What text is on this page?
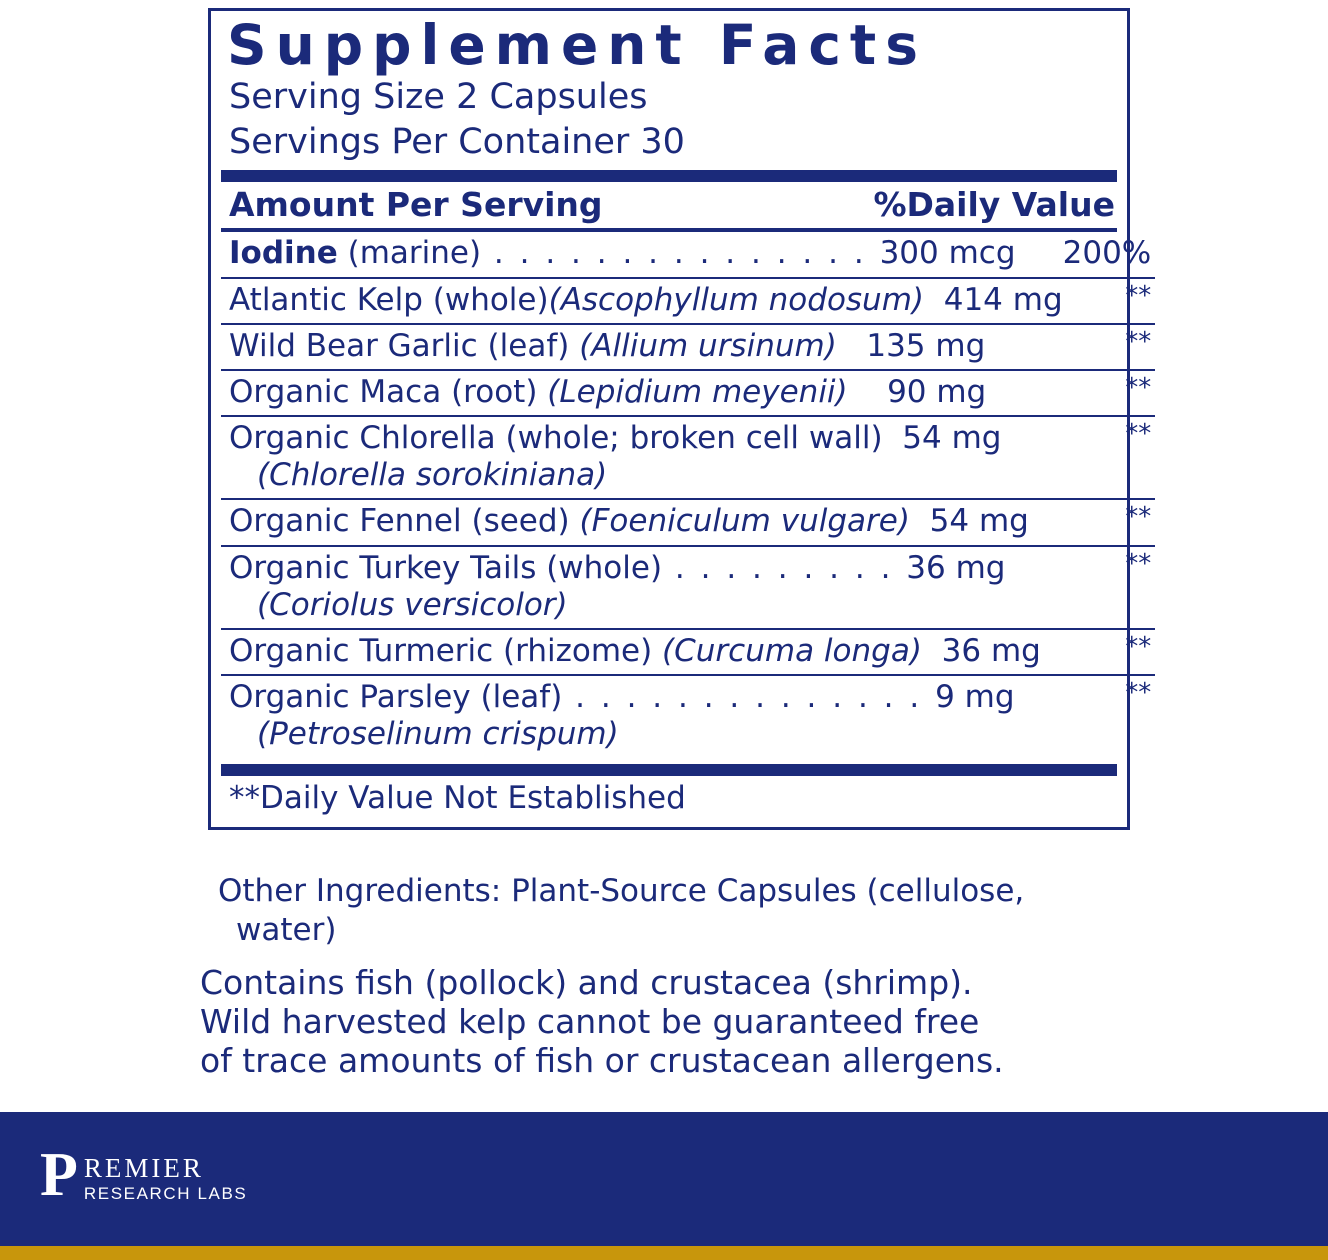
Supplement Facts
Serving Size 2 Capsules
Servings Per Container 30
Amount Per Serving	%Daily Value
Iodine (marine) . . . . . . . . . . . . . . . 300 mcg	200%
Atlantic Kelp (whole)(Ascophyllum nodosum) 414 mg	**
Wild Bear Garlic (leaf) (Allium ursinum) 135 mg	**
Organic Maca (root) (Lepidium meyenii) 90 mg	**
Organic Chlorella (whole; broken cell wall) 54 mg
(Chlorella sorokiniana)	**
Organic Fennel (seed) (Foeniculum vulgare) 54 mg	**
Organic Turkey Tails (whole) . . . . . . . . . 36 mg
(Coriolus versicolor)	**
Organic Turmeric (rhizome) (Curcuma longa) 36 mg	**
Organic Parsley (leaf) . . . . . . . . . . . . . . 9 mg
(Petroselinum crispum)	**
**Daily Value Not Established
Other Ingredients: Plant-Source Capsules (cellulose,
water)
Contains fish (pollock) and crustacea (shrimp).
Wild harvested kelp cannot be guaranteed free
of trace amounts of fish or crustacean allergens.
P REMIER
RESEARCH LABS
